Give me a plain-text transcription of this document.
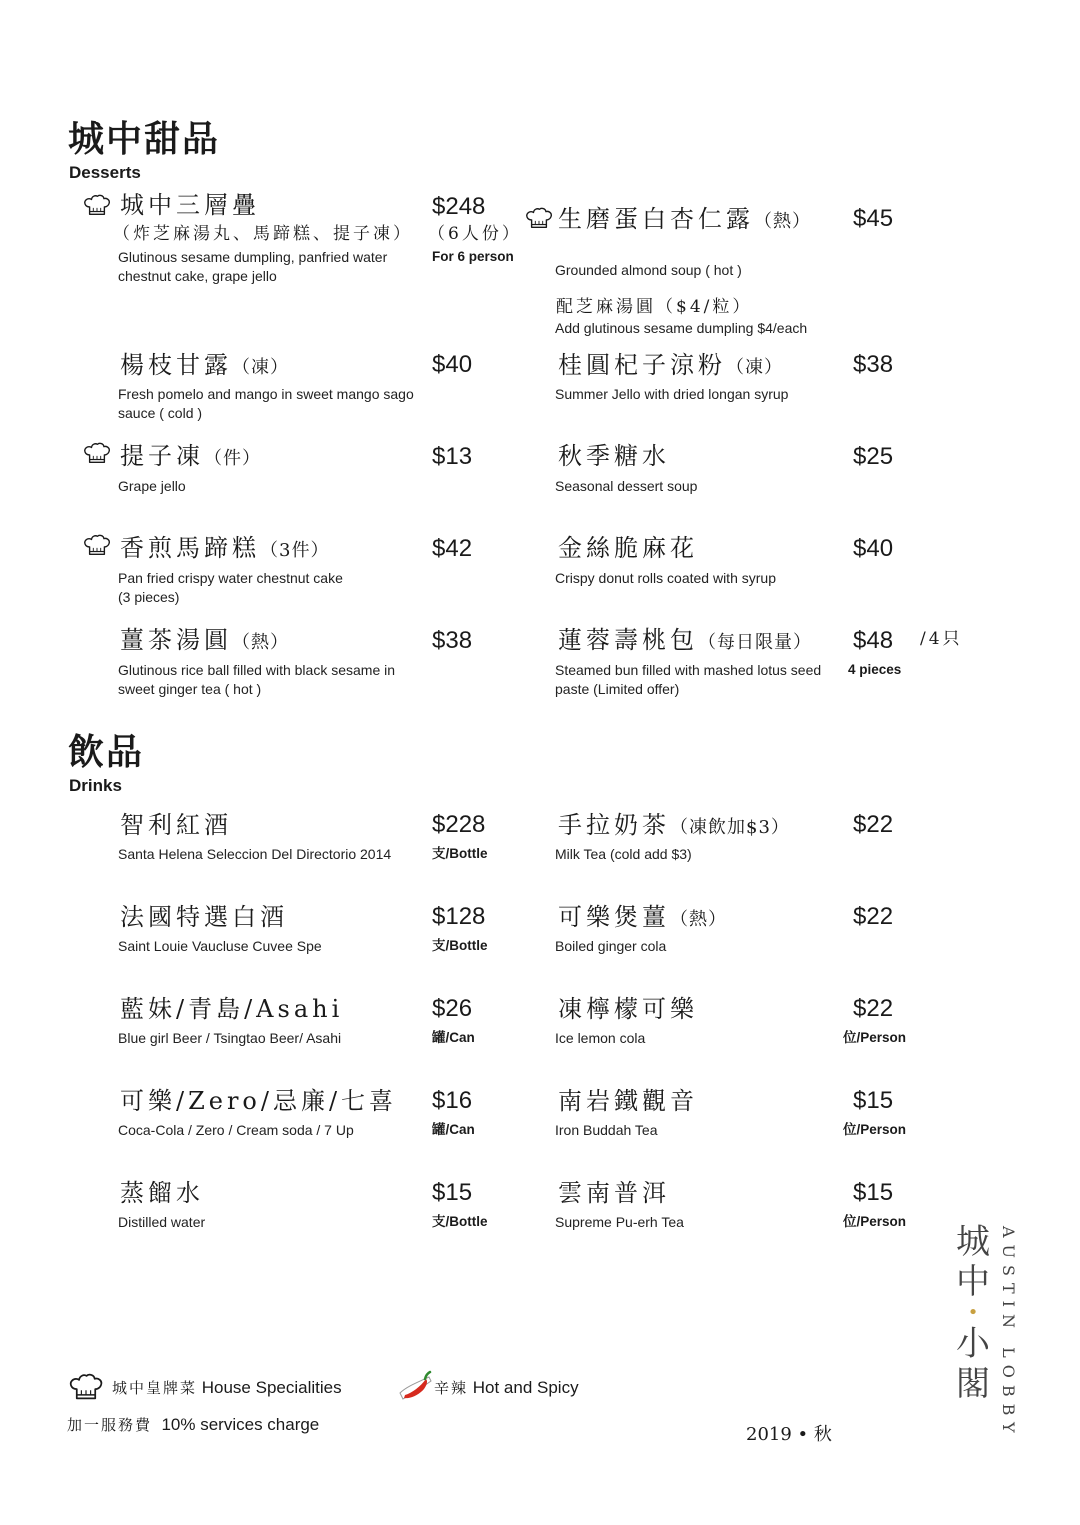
城中甜品
Desserts
城中三層疊
（炸芝麻湯丸、馬蹄糕、提子凍）
Glutinous sesame dumpling, panfried water chestnut cake, grape jello
$248
（6人份）
For 6 person
楊枝甘露（凍）
Fresh pomelo and mango in sweet mango sago sauce ( cold )
$40
提子凍（件）
Grape jello
$13
香煎馬蹄糕（3件）
Pan fried crispy water chestnut cake (3 pieces)
$42
薑茶湯圓（熱）
Glutinous rice ball filled with black sesame in sweet ginger tea ( hot )
$38
生磨蛋白杏仁露（熱）
Grounded almond soup ( hot )
配芝麻湯圓（$4/粒）
Add glutinous sesame dumpling $4/each
$45
桂圓杞子涼粉（凍）
Summer Jello with dried longan syrup
$38
秋季糖水
Seasonal dessert soup
$25
金絲脆麻花
Crispy donut rolls coated with syrup
$40
蓮蓉壽桃包（每日限量）
Steamed bun filled with mashed lotus seed paste (Limited offer)
$48 /4只
4 pieces
飲品
Drinks
智利紅酒
Santa Helena Seleccion Del Directorio 2014
$228
支/Bottle
法國特選白酒
Saint Louie Vaucluse Cuvee Spe
$128
支/Bottle
藍妹/青島/Asahi
Blue girl Beer / Tsingtao Beer/ Asahi
$26
罐/Can
可樂/Zero/忌廉/七喜
Coca-Cola / Zero / Cream soda / 7 Up
$16
罐/Can
蒸餾水
Distilled water
$15
支/Bottle
手拉奶茶（凍飲加$3）
Milk Tea (cold add $3)
$22
可樂煲薑（熱）
Boiled ginger cola
$22
凍檸檬可樂
Ice lemon cola
$22
位/Person
南岩鐵觀音
Iron Buddah Tea
$15
位/Person
雲南普洱
Supreme Pu-erh Tea
$15
位/Person
城
中
•
小
閣 AUSTIN LOBBY
城中皇牌菜 House Specialities	辛辣 Hot and Spicy
加一服務費 10% services charge	2019 • 秋
